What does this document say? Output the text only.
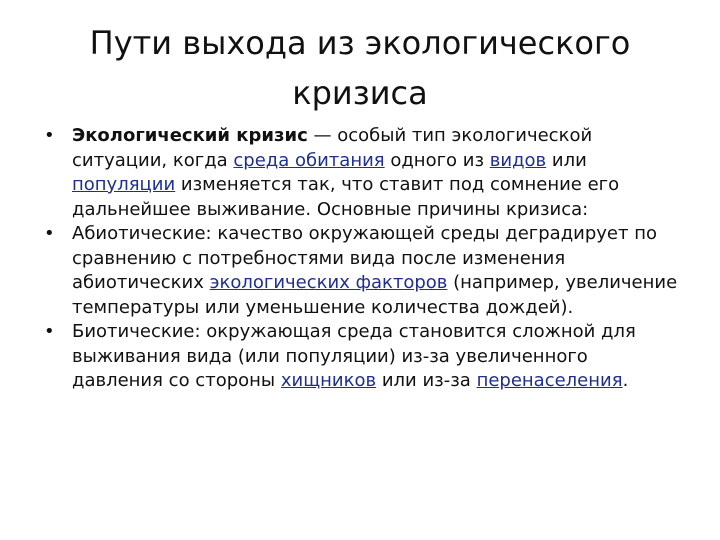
Пути выхода из экологического кризиса
• Экологический кризис — особый тип экологической ситуации, когда среда обитания одного из видов или популяции изменяется так, что ставит под сомнение его дальнейшее выживание. Основные причины кризиса:
• Абиотические: качество окружающей среды деградирует по сравнению с потребностями вида после изменения абиотических экологических факторов (например, увеличение температуры или уменьшение количества дождей).
• Биотические: окружающая среда становится сложной для выживания вида (или популяции) из-за увеличенного давления со стороны хищников или из-за перенаселения.
